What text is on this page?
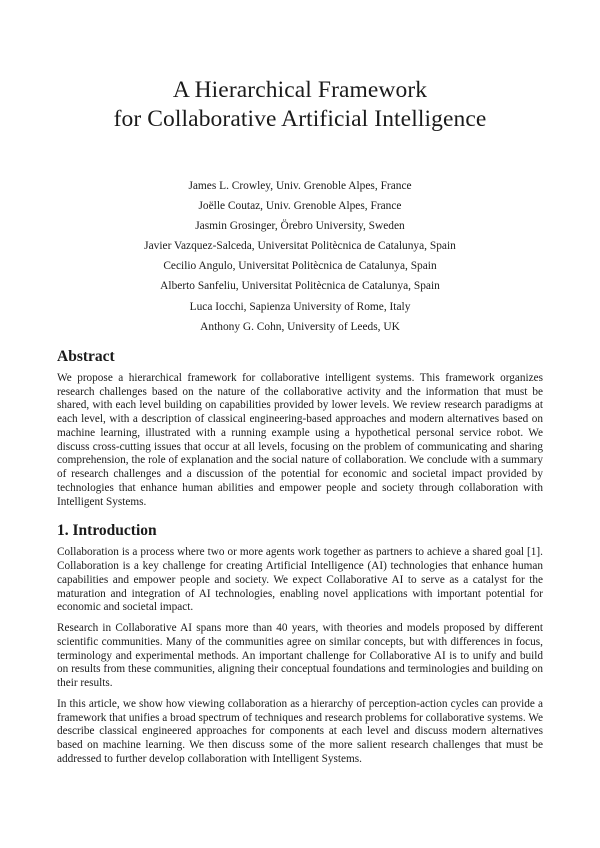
A Hierarchical Framework
for Collaborative Artificial Intelligence
James L. Crowley, Univ. Grenoble Alpes, France
Joëlle Coutaz, Univ. Grenoble Alpes, France
Jasmin Grosinger, Örebro University, Sweden
Javier Vazquez-Salceda, Universitat Politècnica de Catalunya, Spain
Cecilio Angulo, Universitat Politècnica de Catalunya, Spain
Alberto Sanfeliu, Universitat Politècnica de Catalunya, Spain
Luca Iocchi, Sapienza University of Rome, Italy
Anthony G. Cohn, University of Leeds, UK
Abstract

We propose a hierarchical framework for collaborative intelligent systems. This framework organizes research challenges based on the nature of the collaborative activity and the information that must be shared, with each level building on capabilities provided by lower levels. We review research paradigms at each level, with a description of classical engineering-based approaches and modern alternatives based on machine learning, illustrated with a running example using a hypothetical personal service robot. We discuss cross-cutting issues that occur at all levels, focusing on the problem of communicating and sharing comprehension, the role of explanation and the social nature of collaboration. We conclude with a summary of research challenges and a discussion of the potential for economic and societal impact provided by technologies that enhance human abilities and empower people and society through collaboration with Intelligent Systems.

1. Introduction

Collaboration is a process where two or more agents work together as partners to achieve a shared goal [1]. Collaboration is a key challenge for creating Artificial Intelligence (AI) technologies that enhance human capabilities and empower people and society. We expect Collaborative AI to serve as a catalyst for the maturation and integration of AI technologies, enabling novel applications with important potential for economic and societal impact.

Research in Collaborative AI spans more than 40 years, with theories and models proposed by different scientific communities. Many of the communities agree on similar concepts, but with differences in focus, terminology and experimental methods. An important challenge for Collaborative AI is to unify and build on results from these communities, aligning their conceptual foundations and terminologies and building on their results.

In this article, we show how viewing collaboration as a hierarchy of perception-action cycles can provide a framework that unifies a broad spectrum of techniques and research problems for collaborative systems. We describe classical engineered approaches for components at each level and discuss modern alternatives based on machine learning. We then discuss some of the more salient research challenges that must be addressed to further develop collaboration with Intelligent Systems.
